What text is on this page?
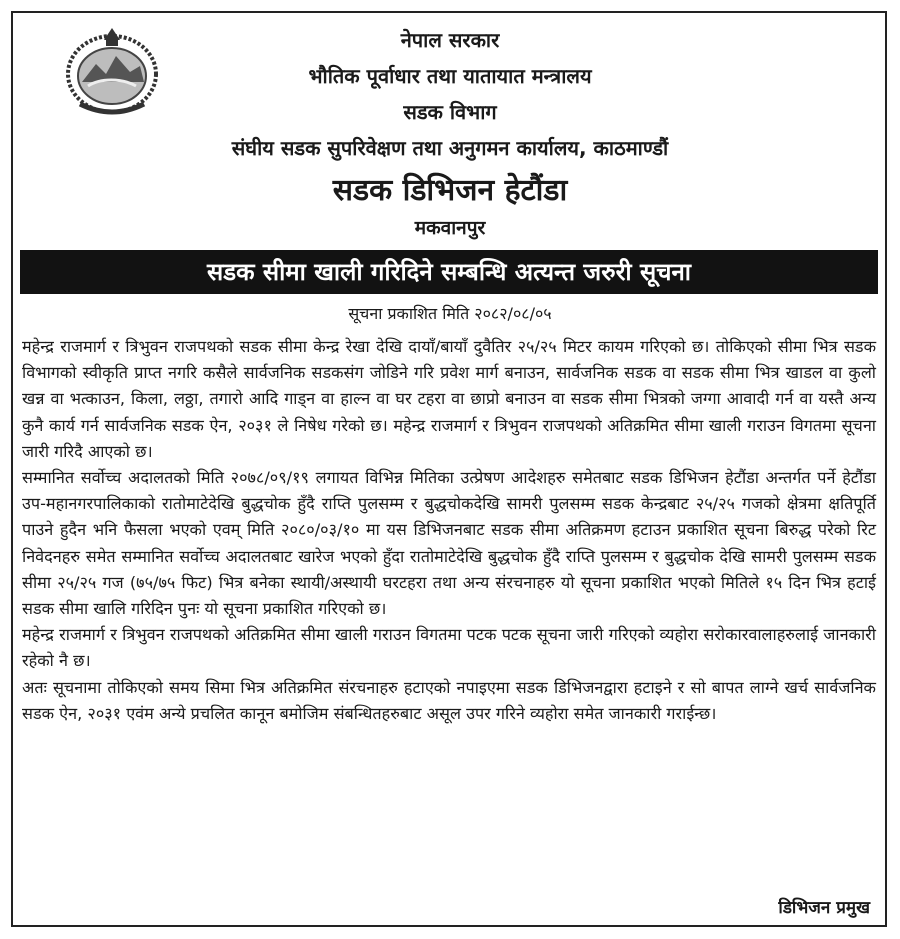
नेपाल सरकार
भौतिक पूर्वाधार तथा यातायात मन्त्रालय
सडक विभाग
संघीय सडक सुपरिवेक्षण तथा अनुगमन कार्यालय, काठमाण्डौं
सडक डिभिजन हेटौंडा
मकवानपुर
सडक सीमा खाली गरिदिने सम्बन्धि अत्यन्त जरुरी सूचना
सूचना प्रकाशित मिति २०८२/०८/०५

महेन्द्र राजमार्ग र त्रिभुवन राजपथको सडक सीमा केन्द्र रेखा देखि दायाँ/बायाँ दुवैतिर २५/२५ मिटर कायम गरिएको छ। तोकिएको सीमा भित्र सडक विभागको स्वीकृति प्राप्त नगरि कसैले सार्वजनिक सडकसंग जोडिने गरि प्रवेश मार्ग बनाउन, सार्वजनिक सडक वा सडक सीमा भित्र खाडल वा कुलो खन्न वा भत्काउन, किला, लठ्ठा, तगारो आदि गाड्न वा हाल्न वा घर टहरा वा छाप्रो बनाउन वा सडक सीमा भित्रको जग्गा आवादी गर्न वा यस्तै अन्य कुनै कार्य गर्न सार्वजनिक सडक ऐन, २०३१ ले निषेध गरेको छ। महेन्द्र राजमार्ग र त्रिभुवन राजपथको अतिक्रमित सीमा खाली गराउन विगतमा सूचना जारी गरिदै आएको छ।

सम्मानित सर्वोच्च अदालतको मिति २०७८/०९/१९ लगायत विभिन्न मितिका उत्प्रेषण आदेशहरु समेतबाट सडक डिभिजन हेटौंडा अन्तर्गत पर्ने हेटौंडा उप-महानगरपालिकाको रातोमाटेदेखि बुद्धचोक हुँदै राप्ति पुलसम्म र बुद्धचोकदेखि सामरी पुलसम्म सडक केन्द्रबाट २५/२५ गजको क्षेत्रमा क्षतिपूर्ति पाउने हुदैन भनि फैसला भएको एवम् मिति २०८०/०३/१० मा यस डिभिजनबाट सडक सीमा अतिक्रमण हटाउन प्रकाशित सूचना बिरुद्ध परेको रिट निवेदनहरु समेत सम्मानित सर्वोच्च अदालतबाट खारेज भएको हुँदा रातोमाटेदेखि बुद्धचोक हुँदै राप्ति पुलसम्म र बुद्धचोक देखि सामरी पुलसम्म सडक सीमा २५/२५ गज (७५/७५ फिट) भित्र बनेका स्थायी/अस्थायी घरटहरा तथा अन्य संरचनाहरु यो सूचना प्रकाशित भएको मितिले १५ दिन भित्र हटाई सडक सीमा खालि गरिदिन पुनः यो सूचना प्रकाशित गरिएको छ।

महेन्द्र राजमार्ग र त्रिभुवन राजपथको अतिक्रमित सीमा खाली गराउन विगतमा पटक पटक सूचना जारी गरिएको व्यहोरा सरोकारवालाहरुलाई जानकारी रहेको नै छ।

अतः सूचनामा तोकिएको समय सिमा भित्र अतिक्रमित संरचनाहरु हटाएको नपाइएमा सडक डिभिजनद्वारा हटाइने र सो बापत लाग्ने खर्च सार्वजनिक सडक ऐन, २०३१ एवंम अन्ये प्रचलित कानून बमोजिम संबन्धितहरुबाट असूल उपर गरिने व्यहोरा समेत जानकारी गराईन्छ।

डिभिजन प्रमुख
